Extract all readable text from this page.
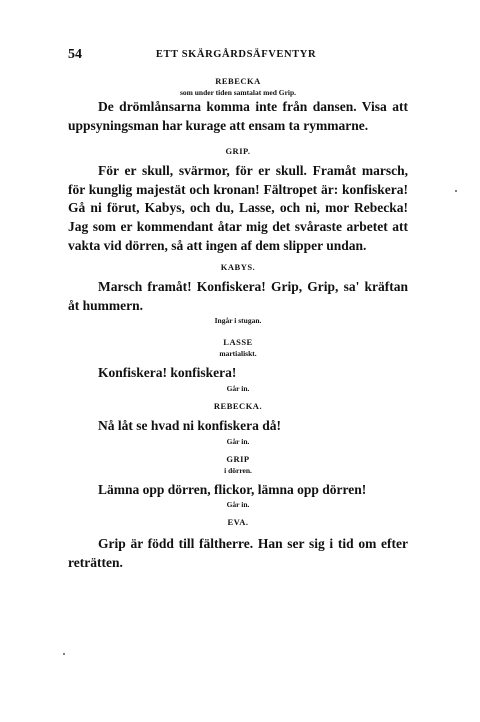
54	ETT SKÄRGÅRDSÄFVENTYR
REBECKA
som under tiden samtalat med Grip.

De drömlånsarna komma inte från dansen. Visa att uppsyningsman har kurage att ensam ta rymmarne.

GRIP.

För er skull, svärmor, för er skull. Framåt marsch, för kunglig majestät och kronan! Fältropet är: konfiskera! Gå ni förut, Kabys, och du, Lasse, och ni, mor Rebecka! Jag som er kommendant åtar mig det svåraste arbetet att vakta vid dörren, så att ingen af dem slipper undan.

KABYS.

Marsch framåt! Konfiskera! Grip, Grip, sa' kräftan åt hummern.

Ingår i stugan.
LASSE
martialiskt.

Konfiskera! konfiskera!

Går in.
REBECKA.

Nå låt se hvad ni konfiskera då!

Går in.
GRIP
i dörren.

Lämna opp dörren, flickor, lämna opp dörren!

Går in.
EVA.

Grip är född till fältherre. Han ser sig i tid om efter reträtten.
